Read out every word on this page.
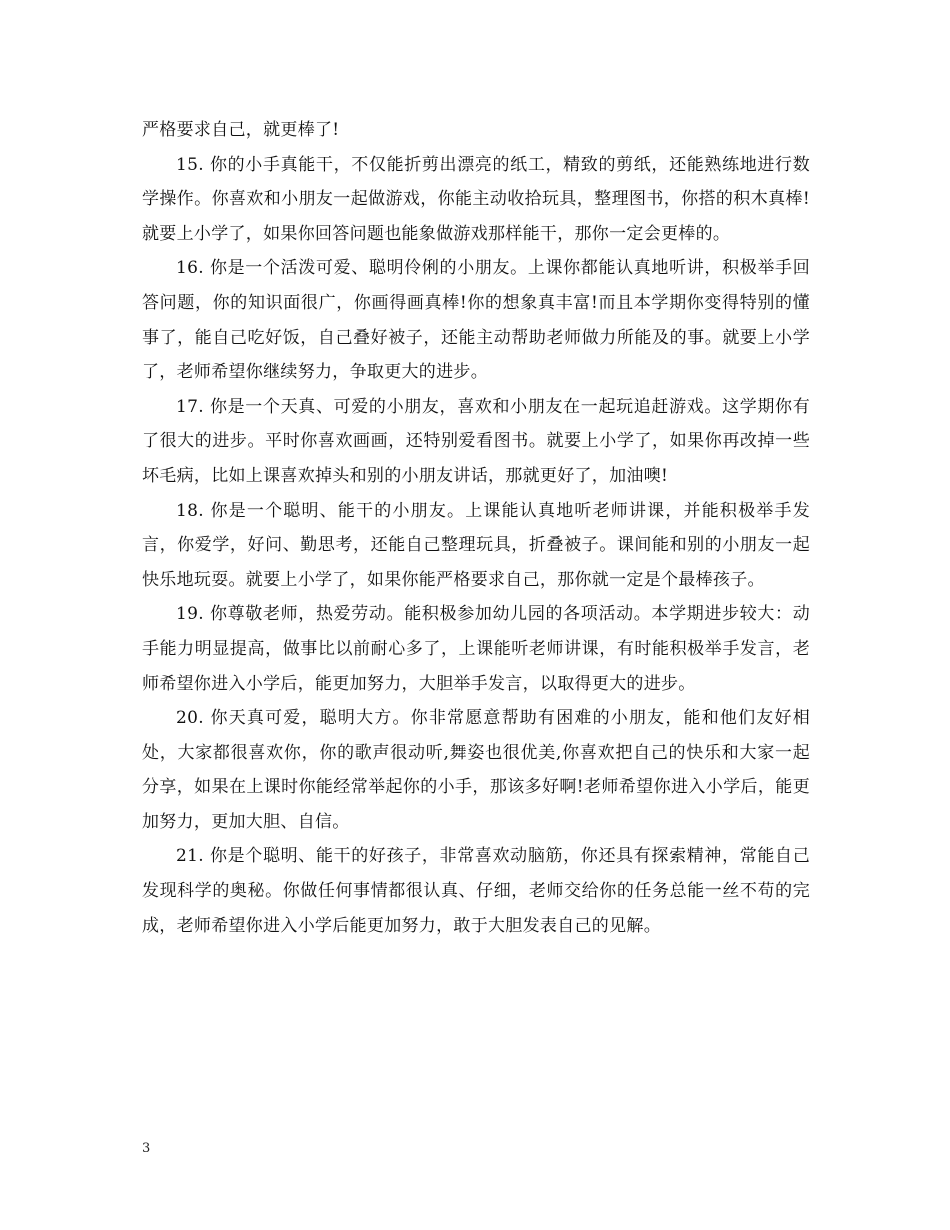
严格要求自己，就更棒了!

15. 你的小手真能干，不仅能折剪出漂亮的纸工，精致的剪纸，还能熟练地进行数学操作。你喜欢和小朋友一起做游戏，你能主动收拾玩具，整理图书，你搭的积木真棒!就要上小学了，如果你回答问题也能象做游戏那样能干，那你一定会更棒的。

16. 你是一个活泼可爱、聪明伶俐的小朋友。上课你都能认真地听讲，积极举手回答问题，你的知识面很广，你画得画真棒!你的想象真丰富!而且本学期你变得特别的懂事了，能自己吃好饭，自己叠好被子，还能主动帮助老师做力所能及的事。就要上小学了，老师希望你继续努力，争取更大的进步。

17. 你是一个天真、可爱的小朋友，喜欢和小朋友在一起玩追赶游戏。这学期你有了很大的进步。平时你喜欢画画，还特别爱看图书。就要上小学了，如果你再改掉一些坏毛病，比如上课喜欢掉头和别的小朋友讲话，那就更好了，加油噢!

18. 你是一个聪明、能干的小朋友。上课能认真地听老师讲课，并能积极举手发言，你爱学，好问、勤思考，还能自己整理玩具，折叠被子。课间能和别的小朋友一起快乐地玩耍。就要上小学了，如果你能严格要求自己，那你就一定是个最棒孩子。

19. 你尊敬老师，热爱劳动。能积极参加幼儿园的各项活动。本学期进步较大：动手能力明显提高，做事比以前耐心多了，上课能听老师讲课，有时能积极举手发言，老师希望你进入小学后，能更加努力，大胆举手发言，以取得更大的进步。

20. 你天真可爱，聪明大方。你非常愿意帮助有困难的小朋友，能和他们友好相处，大家都很喜欢你，你的歌声很动听,舞姿也很优美,你喜欢把自己的快乐和大家一起分享，如果在上课时你能经常举起你的小手，那该多好啊!老师希望你进入小学后，能更加努力，更加大胆、自信。

21. 你是个聪明、能干的好孩子，非常喜欢动脑筋，你还具有探索精神，常能自己发现科学的奥秘。你做任何事情都很认真、仔细，老师交给你的任务总能一丝不苟的完成，老师希望你进入小学后能更加努力，敢于大胆发表自己的见解。

3
